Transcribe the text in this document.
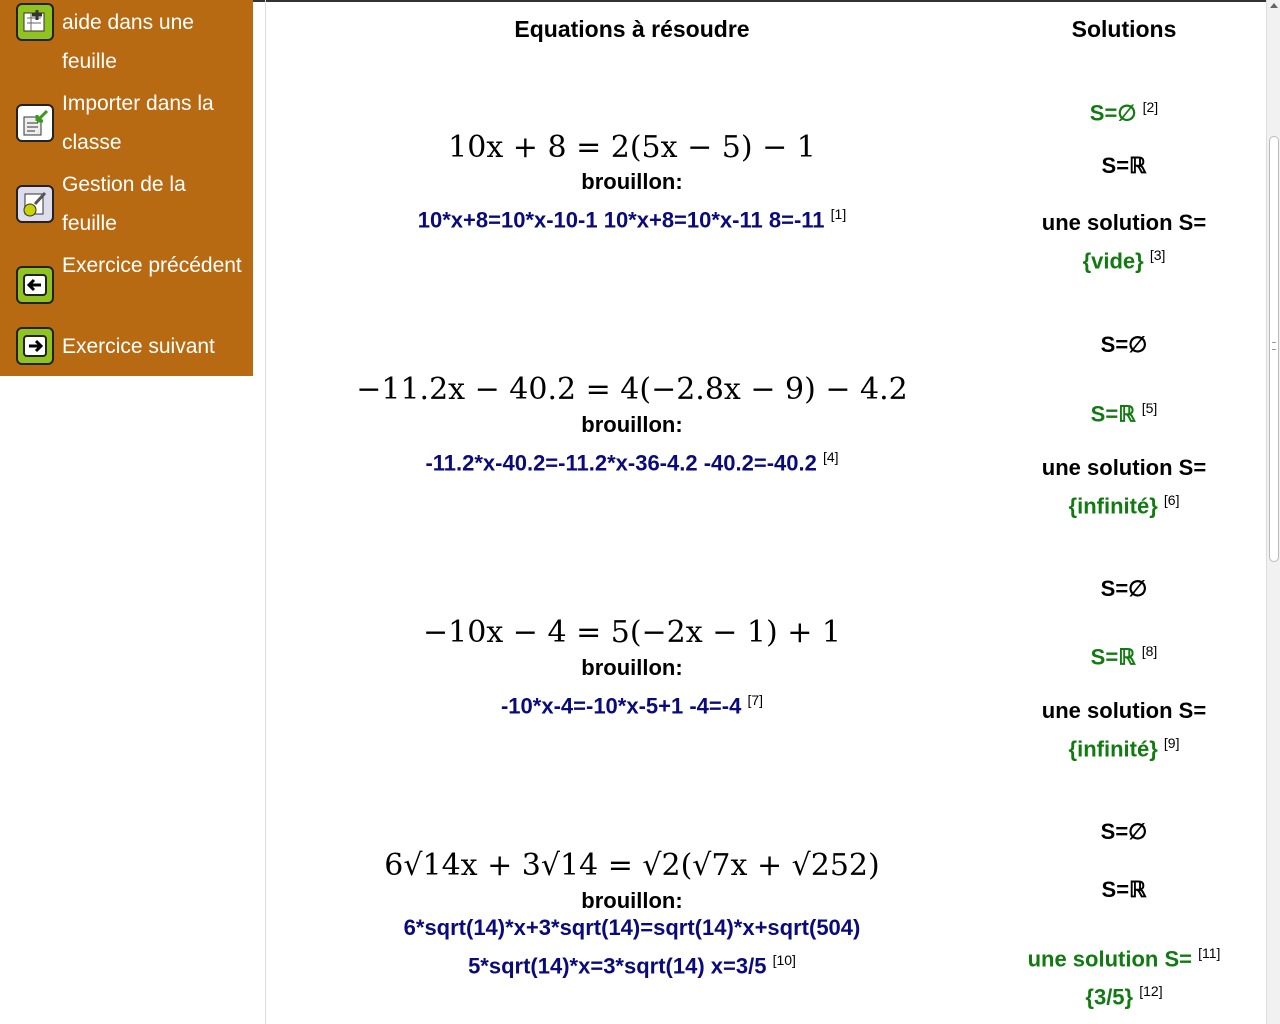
aide dans une feuille
Importer dans la classe
Gestion de la feuille
Exercice précédent
Exercice suivant
Equations à résoudre	Solutions
10x + 8 = 2(5x − 5) − 1
brouillon:
10*x+8=10*x-10-1 10*x+8=10*x-11 8=-11 [1]
S=∅ [2]
S=ℝ
une solution S=
{vide} [3]
−11.2x − 40.2 = 4(−2.8x − 9) − 4.2
brouillon:
-11.2*x-40.2=-11.2*x-36-4.2 -40.2=-40.2 [4]
S=∅
S=ℝ [5]
une solution S=
{infinité} [6]
−10x − 4 = 5(−2x − 1) + 1
brouillon:
-10*x-4=-10*x-5+1 -4=-4 [7]
S=∅
S=ℝ [8]
une solution S=
{infinité} [9]
6√14x + 3√14 = √2(√7x + √252)
brouillon:
6*sqrt(14)*x+3*sqrt(14)=sqrt(14)*x+sqrt(504)
5*sqrt(14)*x=3*sqrt(14) x=3/5 [10]
S=∅
S=ℝ
une solution S= [11]
{3/5} [12]
